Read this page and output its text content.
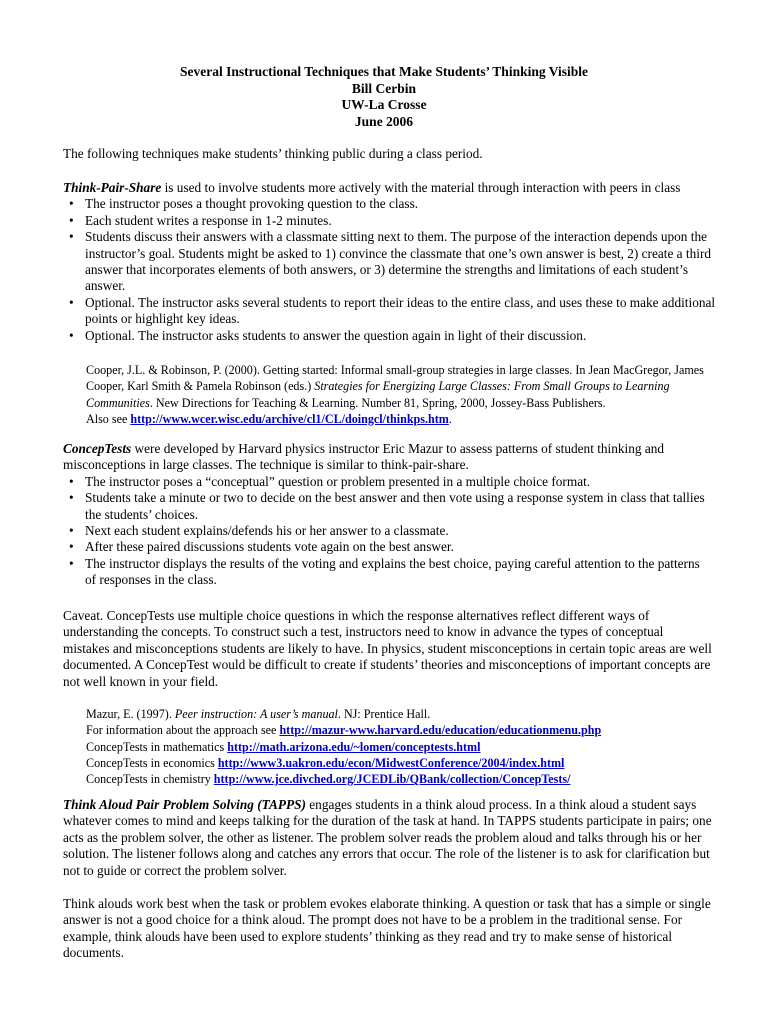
Several Instructional Techniques that Make Students’ Thinking Visible
Bill Cerbin
UW-La Crosse
June 2006

The following techniques make students’ thinking public during a class period.

Think-Pair-Share is used to involve students more actively with the material through interaction with peers in class

• The instructor poses a thought provoking question to the class.
• Each student writes a response in 1-2 minutes.
• Students discuss their answers with a classmate sitting next to them. The purpose of the interaction depends upon the instructor’s goal. Students might be asked to 1) convince the classmate that one’s own answer is best, 2) create a third answer that incorporates elements of both answers, or 3) determine the strengths and limitations of each student’s answer.
• Optional. The instructor asks several students to report their ideas to the entire class, and uses these to make additional points or highlight key ideas.
• Optional. The instructor asks students to answer the question again in light of their discussion.

Cooper, J.L. & Robinson, P. (2000). Getting started: Informal small-group strategies in large classes. In Jean MacGregor, James Cooper, Karl Smith & Pamela Robinson (eds.) Strategies for Energizing Large Classes: From Small Groups to Learning Communities. New Directions for Teaching & Learning. Number 81, Spring, 2000, Jossey-Bass Publishers.

Also see http://www.wcer.wisc.edu/archive/cl1/CL/doingcl/thinkps.htm.

ConcepTests were developed by Harvard physics instructor Eric Mazur to assess patterns of student thinking and misconceptions in large classes. The technique is similar to think-pair-share.

• The instructor poses a “conceptual” question or problem presented in a multiple choice format.
• Students take a minute or two to decide on the best answer and then vote using a response system in class that tallies the students’ choices.
• Next each student explains/defends his or her answer to a classmate.
• After these paired discussions students vote again on the best answer.
• The instructor displays the results of the voting and explains the best choice, paying careful attention to the patterns of responses in the class.

Caveat. ConcepTests use multiple choice questions in which the response alternatives reflect different ways of understanding the concepts. To construct such a test, instructors need to know in advance the types of conceptual mistakes and misconceptions students are likely to have. In physics, student misconceptions in certain topic areas are well documented. A ConcepTest would be difficult to create if students’ theories and misconceptions of important concepts are not well known in your field.

Mazur, E. (1997). Peer instruction: A user’s manual. NJ: Prentice Hall.

For information about the approach see http://mazur-www.harvard.edu/education/educationmenu.php

ConcepTests in mathematics http://math.arizona.edu/~lomen/conceptests.html

ConcepTests in economics http://www3.uakron.edu/econ/MidwestConference/2004/index.html

ConcepTests in chemistry http://www.jce.divched.org/JCEDLib/QBank/collection/ConcepTests/

Think Aloud Pair Problem Solving (TAPPS) engages students in a think aloud process. In a think aloud a student says whatever comes to mind and keeps talking for the duration of the task at hand. In TAPPS students participate in pairs; one acts as the problem solver, the other as listener. The problem solver reads the problem aloud and talks through his or her solution. The listener follows along and catches any errors that occur. The role of the listener is to ask for clarification but not to guide or correct the problem solver.

Think alouds work best when the task or problem evokes elaborate thinking. A question or task that has a simple or single answer is not a good choice for a think aloud. The prompt does not have to be a problem in the traditional sense. For example, think alouds have been used to explore students’ thinking as they read and try to make sense of historical documents.
